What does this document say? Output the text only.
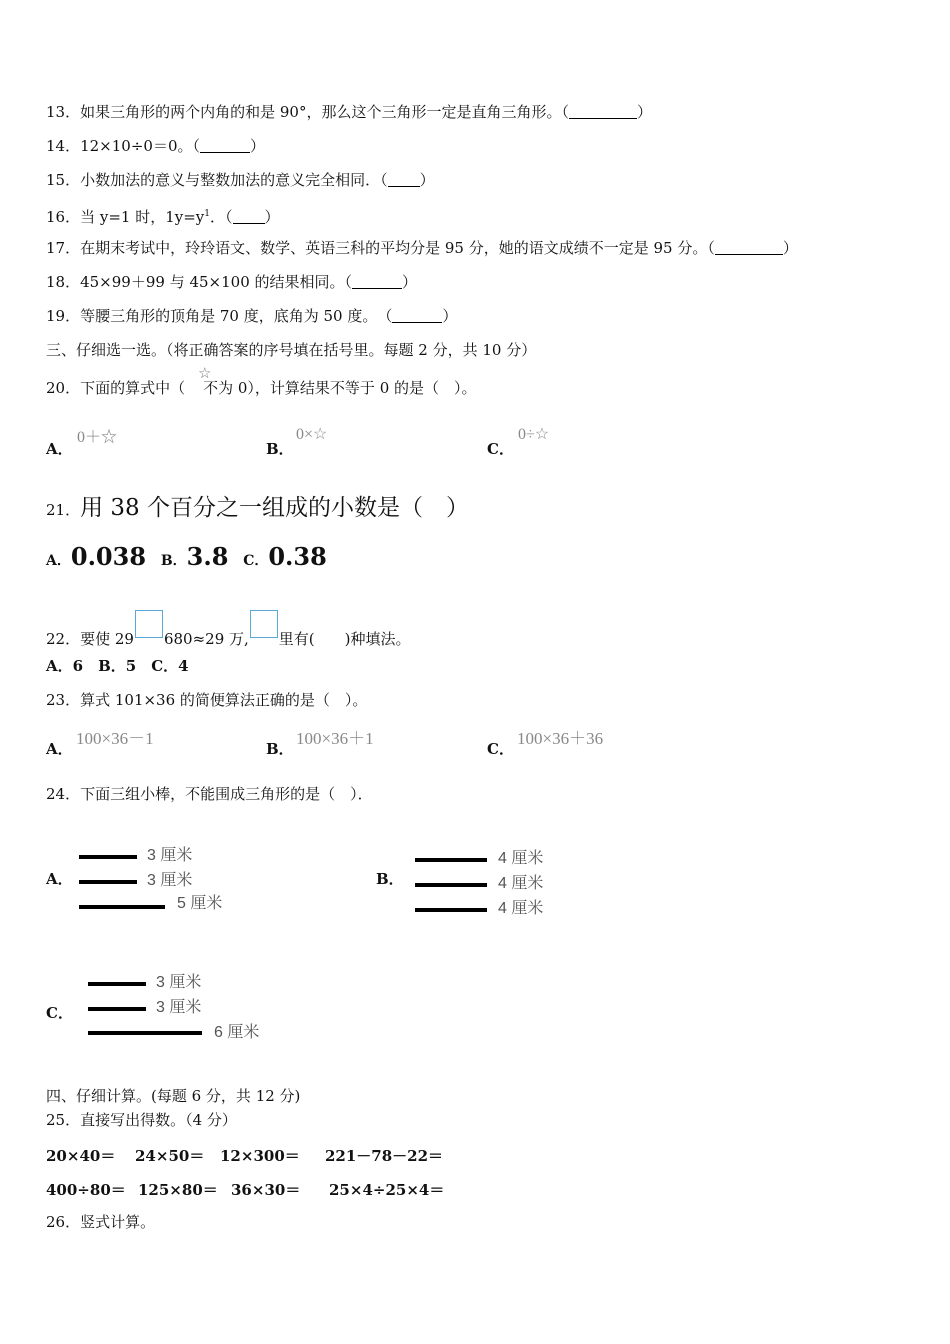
13．如果三角形的两个内角的和是 90°，那么这个三角形一定是直角三角形。（	）
14．12×10÷0＝0。（	）
15．小数加法的意义与整数加法的意义完全相同．（ ）
16．当 y=1 时，$1y=y^1$．（ ）
17．在期末考试中，玲玲语文、数学、英语三科的平均分是 95 分，她的语文成绩不一定是 95 分。（	）
18．45×99＋99 与 45×100 的结果相同。（	）
19．等腰三角形的顶角是 70 度，底角为 50 度。　（	）
三、仔细选一选。（将正确答案的序号填在括号里。每题 2 分，共 10 分）
☆
20．下面的算式中（ 不为 0），计算结果不等于 0 的是（　）。
A．
0＋☆
B．
0×☆
C．
0÷☆
21．用 38 个百分之一组成的小数是（　）
A．0.038 B．3.8 C．0.38
22．要使 29 680≈29 万, 里有(　　)种填法。
A．6　B．5　C．4
23．算式 101×36 的简便算法正确的是（　）。
A．
100×36－1
B．
100×36＋1
C．
100×36＋36
24．下面三组小棒，不能围成三角形的是（　）．
A．
3 厘米
3 厘米
5 厘米
B．
4 厘米
4 厘米
4 厘米
C．
3 厘米
3 厘米
6 厘米
四、仔细计算。(每题 6 分，共 12 分)
25．直接写出得数。（4 分）
20×40＝ 24×50＝ 12×300＝ 221－78－22＝
400÷80＝ 125×80＝ 36×30＝ 25×4÷25×4＝
26．竖式计算。
